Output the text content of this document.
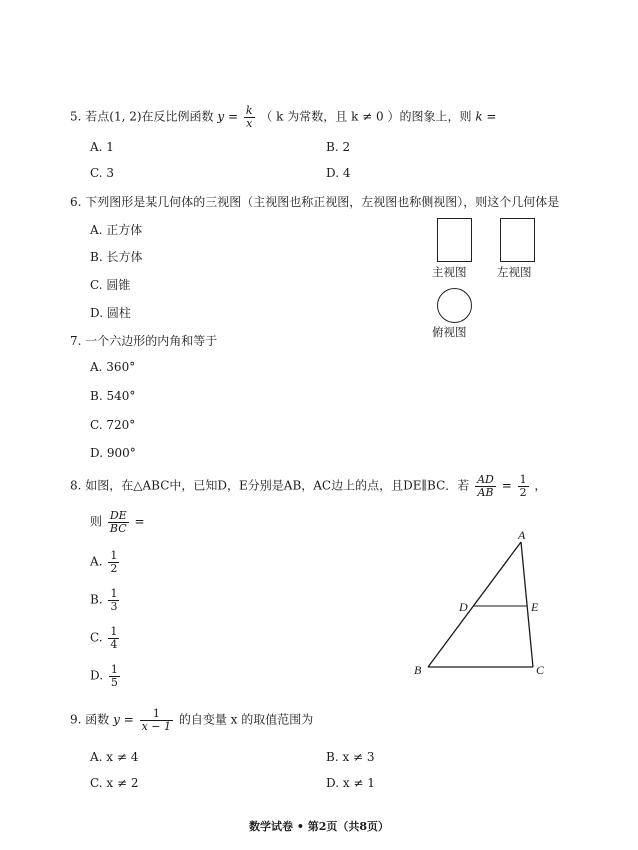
5. 若点(1, 2)在反比例函数 $y = \frac{k}{x}$ （ k 为常数，且 k ≠ 0 ）的图象上，则 k =
A. 1	B. 2
C. 3	D. 4
6. 下列图形是某几何体的三视图（主视图也称正视图，左视图也称侧视图），则这个几何体是
A. 正方体
B. 长方体
C. 圆锥
D. 圆柱
主视图	左视图
俯视图
7. 一个六边形的内角和等于
A. 360°
B. 540°
C. 720°
D. 900°
8. 如图，在△ABC中，已知D，E分别是AB，AC边上的点，且DE∥BC．若 $\frac{AD}{AB} = \frac{1}{2}$ ，
则 $\frac{DE}{BC}$ =
A. $\frac{1}{2}$
B. $\frac{1}{3}$
C. $\frac{1}{4}$
D. $\frac{1}{5}$
A
B	C
D	E
9. 函数 $y = \frac{1}{x - 1}$ 的自变量 x 的取值范围为
A. x ≠ 4	B. x ≠ 3
C. x ≠ 2	D. x ≠ 1
数学试卷 • 第2页（共8页）
